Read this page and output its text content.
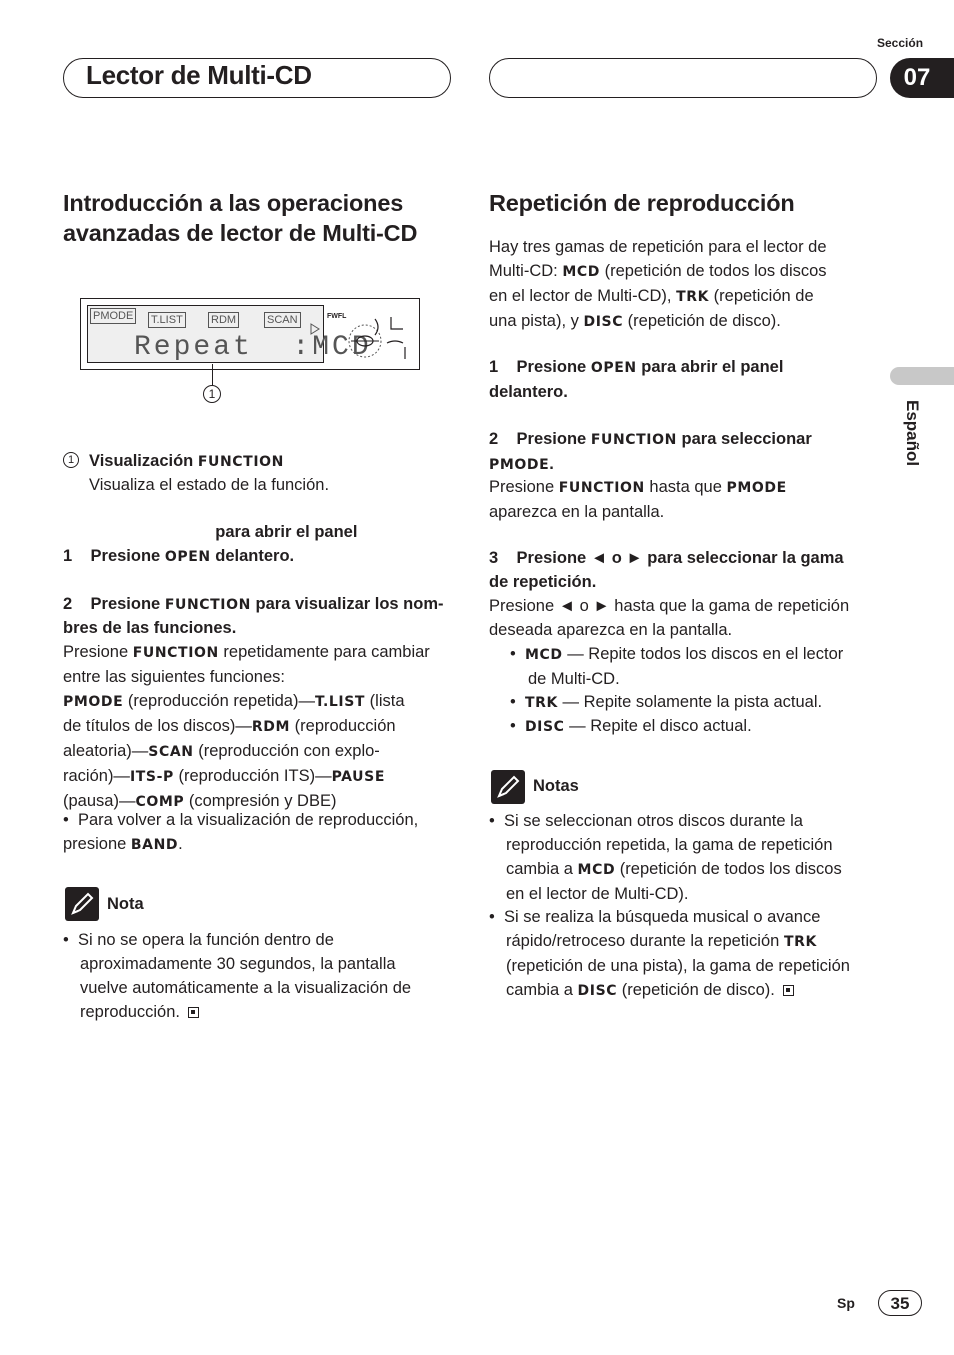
Lector de Multi-CD
Sección
07
Español
Introducción a las operaciones avanzadas de lector de Multi-CD
PMODE T.LIST	RDM	SCAN
Repeat  :MCD
FWFL
1
1 Visualización FUNCTION

Visualiza el estado de la función.

1 Presione OPEN para abrir el panel delantero.

2 Presione FUNCTION para visualizar los nom-

bres de las funciones.

Presione FUNCTION repetidamente para cambiar
entre las siguientes funciones:
PMODE (reproducción repetida)—T.LIST (lista
de títulos de los discos)—RDM (reproducción
aleatoria)—SCAN (reproducción con explo-
ración)—ITS-P (reproducción ITS)—PAUSE
(pausa)—COMP (compresión y DBE)

•  Para volver a la visualización de reproducción,
presione BAND.

Nota

•  Si no se opera la función dentro de
aproximadamente 30 segundos, la pantalla
vuelve automáticamente a la visualización de
reproducción.

Repetición de reproducción

Hay tres gamas de repetición para el lector de
Multi-CD: MCD (repetición de todos los discos
en el lector de Multi-CD), TRK (repetición de
una pista), y DISC (repetición de disco).

1 Presione OPEN para abrir el panel
delantero.

2 Presione FUNCTION para seleccionar
PMODE.

Presione FUNCTION hasta que PMODE
aparezca en la pantalla.

3 Presione ◄ o ► para seleccionar la gama
de repetición.

Presione ◄ o ► hasta que la gama de repetición
deseada aparezca en la pantalla.

•  MCD — Repite todos los discos en el lector
de Multi-CD.

•  TRK — Repite solamente la pista actual.

•  DISC — Repite el disco actual.

Notas

•  Si se seleccionan otros discos durante la
reproducción repetida, la gama de repetición
cambia a MCD (repetición de todos los discos
en el lector de Multi-CD).

•  Si se realiza la búsqueda musical o avance
rápido/retroceso durante la repetición TRK
(repetición de una pista), la gama de repetición
cambia a DISC (repetición de disco).

Sp	35
